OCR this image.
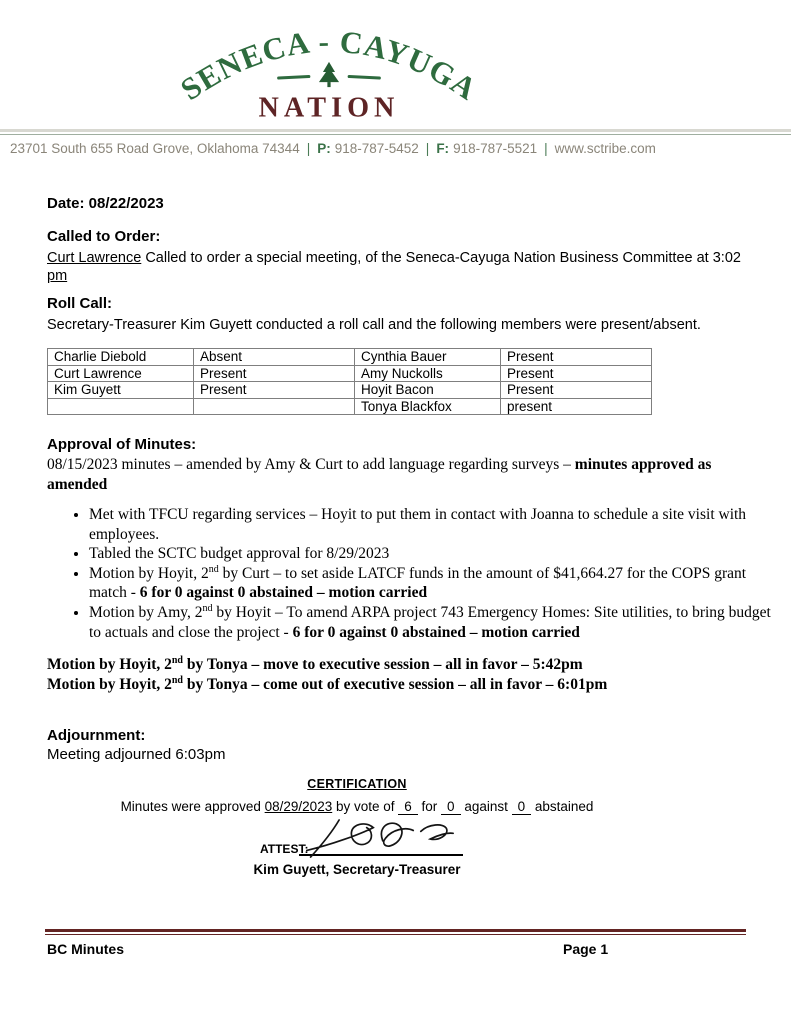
SENECA - CAYUGA
NATION
23701 South 655 Road Grove, Oklahoma 74344 | P: 918-787-5452 | F: 918-787-5521 | www.sctribe.com
Date: 08/22/2023
Called to Order:
Curt Lawrence Called to order a special meeting, of the Seneca-Cayuga Nation Business Committee at 3:02
pm
Roll Call:
Secretary-Treasurer Kim Guyett conducted a roll call and the following members were present/absent.
Charlie Diebold	Absent	Cynthia Bauer	Present
Curt Lawrence	Present	Amy Nuckolls	Present
Kim Guyett	Present	Hoyit Bacon	Present
		Tonya Blackfox	present
Approval of Minutes:
08/15/2023 minutes – amended by Amy & Curt to add language regarding surveys – minutes approved as amended
• Met with TFCU regarding services – Hoyit to put them in contact with Joanna to schedule a site visit with employees.
• Tabled the SCTC budget approval for 8/29/2023
• Motion by Hoyit, 2nd by Curt – to set aside LATCF funds in the amount of $41,664.27 for the COPS grant match - 6 for 0 against 0 abstained – motion carried
• Motion by Amy, 2nd by Hoyit – To amend ARPA project 743 Emergency Homes: Site utilities, to bring budget to actuals and close the project - 6 for 0 against 0 abstained – motion carried
Motion by Hoyit, 2nd by Tonya – move to executive session – all in favor – 5:42pm
Motion by Hoyit, 2nd by Tonya – come out of executive session – all in favor – 6:01pm
Adjournment:
Meeting adjourned 6:03pm
CERTIFICATION
Minutes were approved 08/29/2023 by vote of 6 for 0 against 0 abstained
ATTEST:
Kim Guyett, Secretary-Treasurer
BC Minutes	Page 1
